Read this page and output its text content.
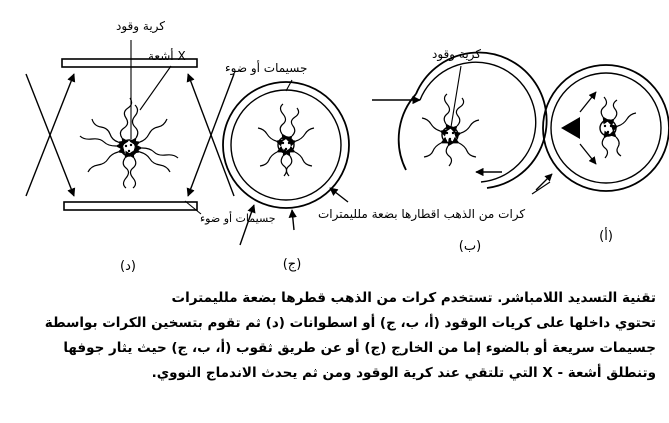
كرية وقود
أشعة X
جسيمات أو ضوء
جسيمات أو ضوء
كرية وقود
كرات من الذهب اقطارها بضعة ملليمترات
(د)	(ج)
(ب)
(أ)
تقنية التسديد اللامباشر. تستخدم كرات من الذهب قطرها بضعة ملليمترات
تحتوي داخلها على كريات الوقود (أ، ب، ج) أو اسطوانات (د) ثم تقوم بتسخين الكرات بواسطة
جسيمات سريعة أو بالضوء إما من الخارج (ج) أو عن طريق ثقوب (أ، ب، ج) حيث يثار جوفها
وتنطلق أشعة - X التي تلتقي عند كرية الوقود ومن ثم يحدث الاندماج النووي.
